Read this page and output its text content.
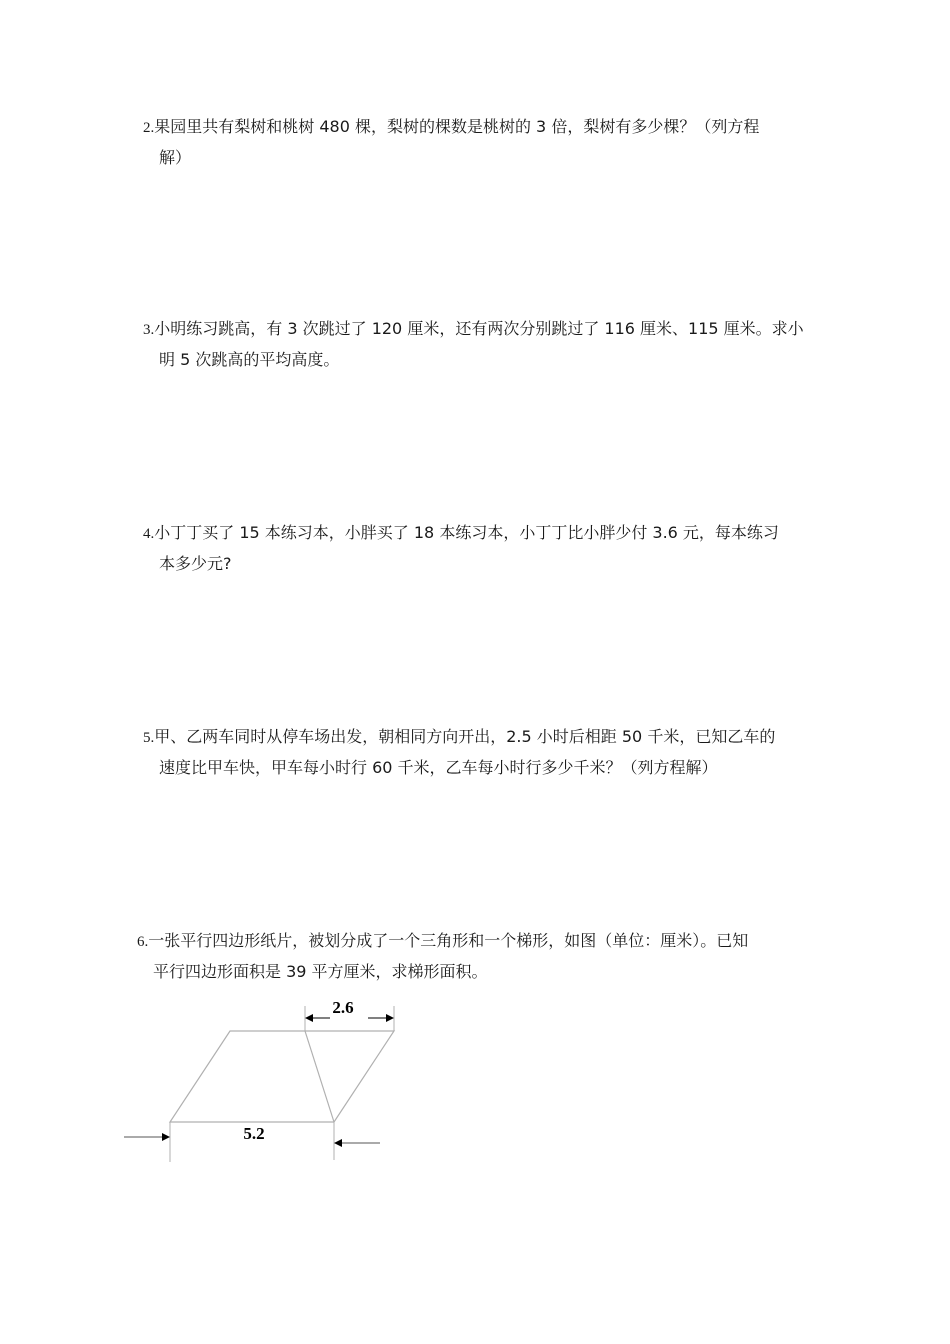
2.果园里共有梨树和桃树 480 棵，梨树的棵数是桃树的 3 倍，梨树有多少棵？（列方程
解）
3.小明练习跳高，有 3 次跳过了 120 厘米，还有两次分别跳过了 116 厘米、115 厘米。求小
明 5 次跳高的平均高度。
4.小丁丁买了 15 本练习本，小胖买了 18 本练习本，小丁丁比小胖少付 3.6 元，每本练习
本多少元?
5.甲、乙两车同时从停车场出发，朝相同方向开出，2.5 小时后相距 50 千米，已知乙车的
速度比甲车快，甲车每小时行 60 千米，乙车每小时行多少千米？（列方程解）
6.一张平行四边形纸片，被划分成了一个三角形和一个梯形，如图（单位：厘米）。已知
平行四边形面积是 39 平方厘米，求梯形面积。
2.6
5.2
